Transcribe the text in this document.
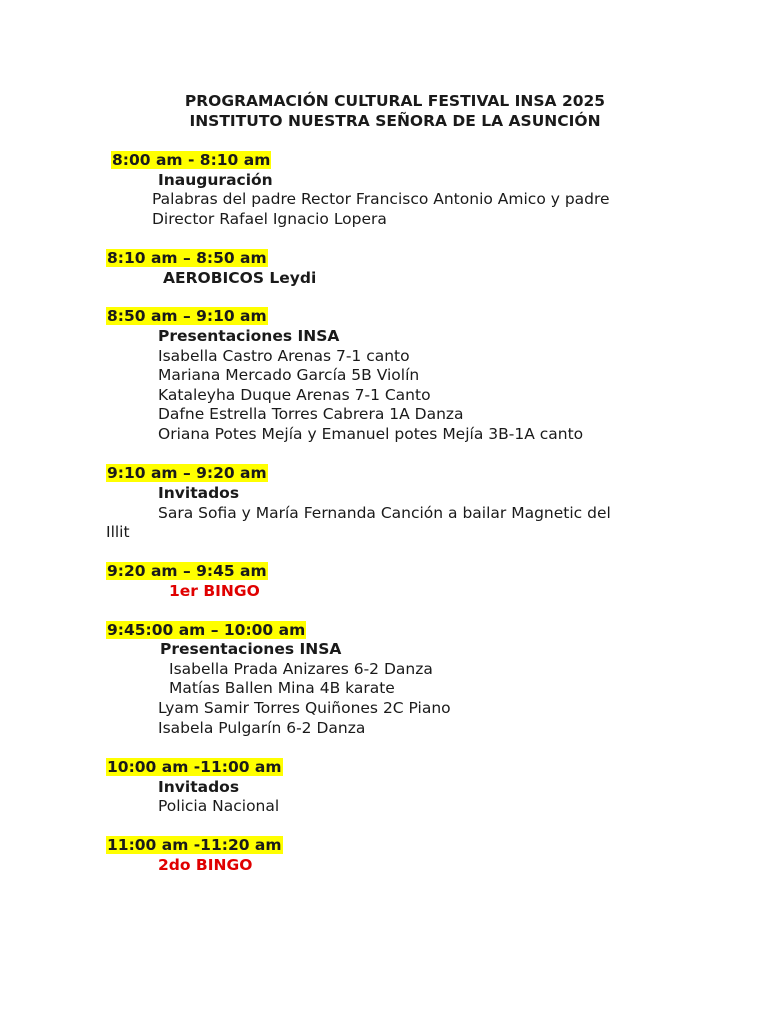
PROGRAMACIÓN CULTURAL FESTIVAL INSA 2025
INSTITUTO NUESTRA SEÑORA DE LA ASUNCIÓN
8:00 am - 8:10 am
Inauguración
Palabras del padre Rector Francisco Antonio Amico y padre
Director Rafael Ignacio Lopera
8:10 am – 8:50 am
AEROBICOS Leydi
8:50 am – 9:10 am
Presentaciones INSA
Isabella Castro Arenas 7-1 canto
Mariana Mercado García 5B Violín
Kataleyha Duque Arenas 7-1 Canto
Dafne Estrella Torres Cabrera 1A Danza
Oriana Potes Mejía y Emanuel potes Mejía 3B-1A canto
9:10 am – 9:20 am
Invitados
Sara Sofia y María Fernanda Canción a bailar Magnetic del
Illit
9:20 am – 9:45 am
1er BINGO
9:45:00 am – 10:00 am
Presentaciones INSA
Isabella Prada Anizares 6-2 Danza
Matías Ballen Mina 4B karate
Lyam Samir Torres Quiñones 2C Piano
Isabela Pulgarín 6-2 Danza
10:00 am -11:00 am
Invitados
Policia Nacional
11:00 am -11:20 am
2do BINGO
